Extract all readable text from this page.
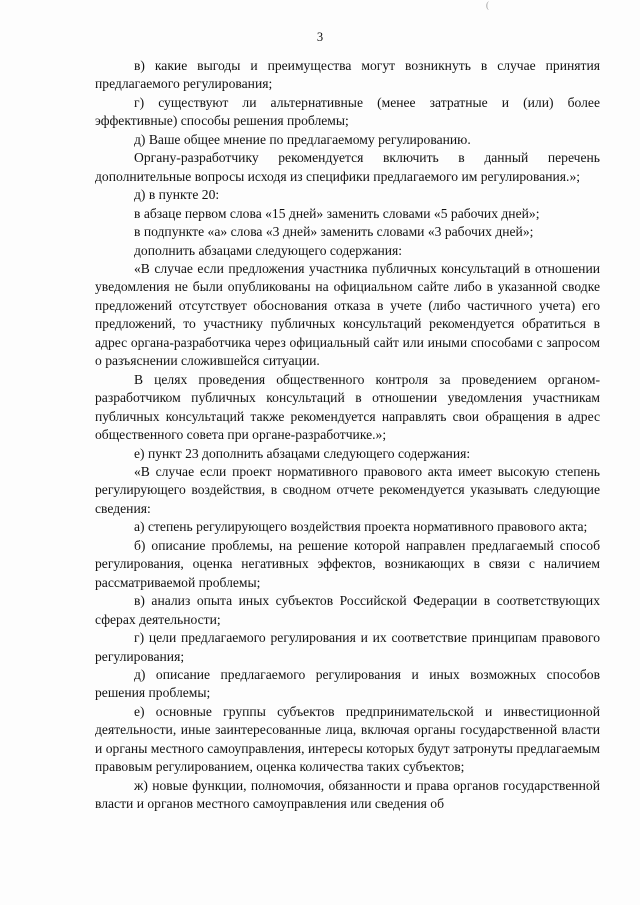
(
3

в) какие выгоды и преимущества могут возникнуть в случае принятия предлагаемого регулирования;

г) существуют ли альтернативные (менее затратные и (или) более эффективные) способы решения проблемы;

д) Ваше общее мнение по предлагаемому регулированию.

Органу-разработчику рекомендуется включить в данный перечень дополнительные вопросы исходя из специфики предлагаемого им регулирования.»;

д) в пункте 20:

в абзаце первом слова «15 дней» заменить словами «5 рабочих дней»;

в подпункте «а» слова «3 дней» заменить словами «3 рабочих дней»;

дополнить абзацами следующего содержания:

«В случае если предложения участника публичных консультаций в отношении уведомления не были опубликованы на официальном сайте либо в указанной сводке предложений отсутствует обоснования отказа в учете (либо частичного учета) его предложений, то участнику публичных консультаций рекомендуется обратиться в адрес органа-разработчика через официальный сайт или иными способами с запросом о разъяснении сложившейся ситуации.

В целях проведения общественного контроля за проведением органом-разработчиком публичных консультаций в отношении уведомления участникам публичных консультаций также рекомендуется направлять свои обращения в адрес общественного совета при органе-разработчике.»;

е) пункт 23 дополнить абзацами следующего содержания:

«В случае если проект нормативного правового акта имеет высокую степень регулирующего воздействия, в сводном отчете рекомендуется указывать следующие сведения:

а) степень регулирующего воздействия проекта нормативного правового акта;

б) описание проблемы, на решение которой направлен предлагаемый способ регулирования, оценка негативных эффектов, возникающих в связи с наличием рассматриваемой проблемы;

в) анализ опыта иных субъектов Российской Федерации в соответствующих сферах деятельности;

г) цели предлагаемого регулирования и их соответствие принципам правового регулирования;

д) описание предлагаемого регулирования и иных возможных способов решения проблемы;

е) основные группы субъектов предпринимательской и инвестиционной деятельности, иные заинтересованные лица, включая органы государственной власти и органы местного самоуправления, интересы которых будут затронуты предлагаемым правовым регулированием, оценка количества таких субъектов;

ж) новые функции, полномочия, обязанности и права органов государственной власти и органов местного самоуправления или сведения об
